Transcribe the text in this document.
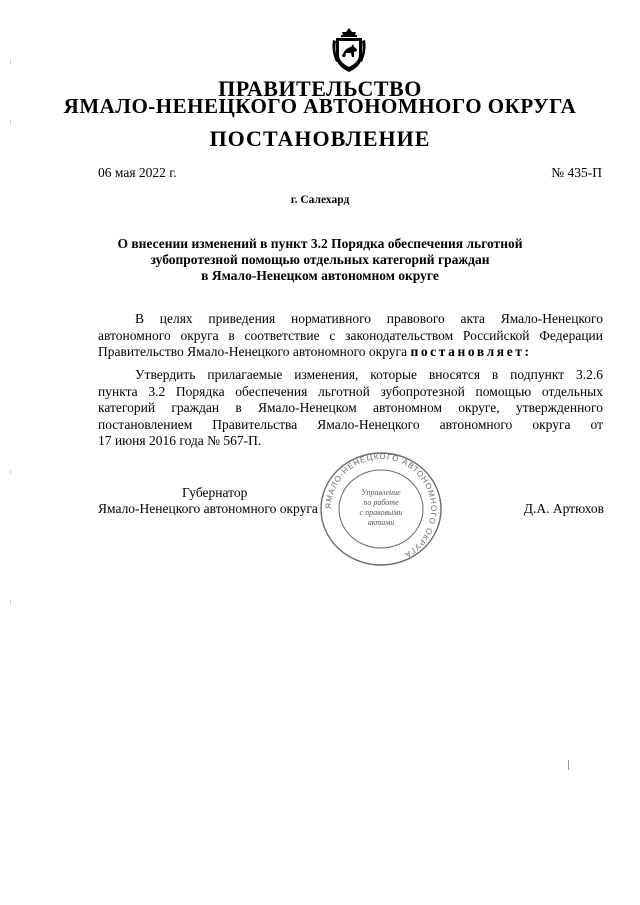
ПРАВИТЕЛЬСТВО
ЯМАЛО-НЕНЕЦКОГО АВТОНОМНОГО ОКРУГА
ПОСТАНОВЛЕНИЕ
06 мая 2022 г.	№ 435-П
г. Салехард
О внесении изменений в пункт 3.2 Порядка обеспечения льготной
зубопротезной помощью отдельных категорий граждан
в Ямало-Ненецком автономном округе
В целях приведения нормативного правового акта Ямало-Ненецкого
автономного округа в соответствие с законодательством Российской Федерации
Правительство Ямало-Ненецкого автономного округа постановляет:
Утвердить прилагаемые изменения, которые вносятся в подпункт 3.2.6
пункта 3.2 Порядка обеспечения льготной зубопротезной помощью отдельных
категорий граждан в Ямало-Ненецком автономном округе, утвержденного
постановлением Правительства Ямало-Ненецкого автономного округа от
17 июня 2016 года № 567-П.
ЯМАЛО-НЕНЕЦКОГО АВТОНОМНОГО ОКРУГА
Управление
по работе
с правовыми
актами
Губернатор
Ямало-Ненецкого автономного округа	Д.А. Артюхов
